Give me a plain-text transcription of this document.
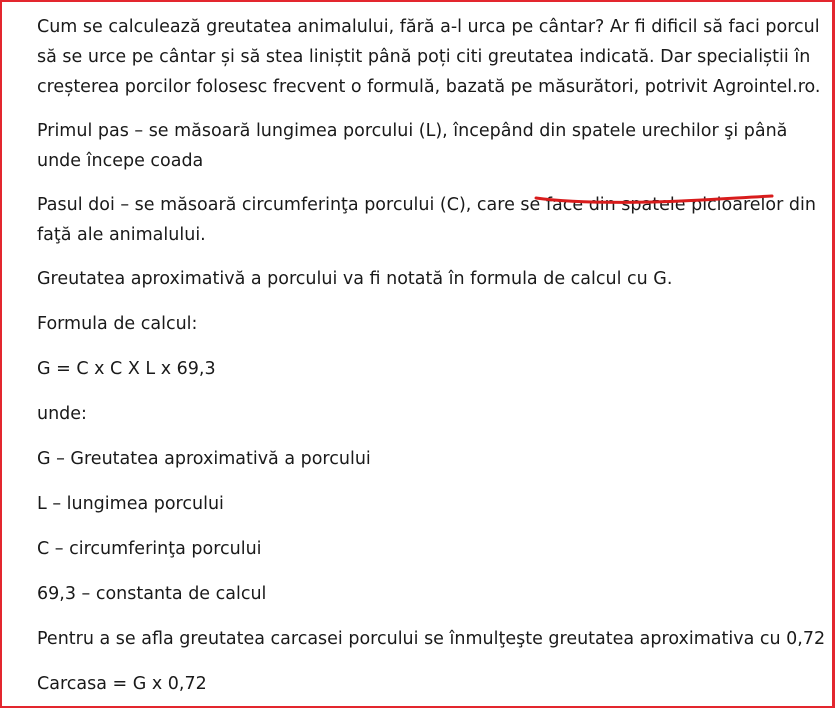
Cum se calculează greutatea animalului, fără a-l urca pe cântar? Ar fi dificil să faci porcul să se urce pe cântar și să stea liniștit până poți citi greutatea indicată. Dar specialiștii în creșterea porcilor folosesc frecvent o formulă, bazată pe măsurători, potrivit Agrointel.ro.

Primul pas – se măsoară lungimea porcului (L), începând din spatele urechilor şi până unde începe coada

Pasul doi – se măsoară circumferinţa porcului (C), care se face din spatele picioarelor din faţă ale animalului.

Greutatea aproximativă a porcului va fi notată în formula de calcul cu G.

Formula de calcul:

G = C x C X L x 69,3

unde:

G – Greutatea aproximativă a porcului

L – lungimea porcului

C – circumferinţa porcului

69,3 – constanta de calcul

Pentru a se afla greutatea carcasei porcului se înmulţeşte greutatea aproximativa cu 0,72

Carcasa = G x 0,72
